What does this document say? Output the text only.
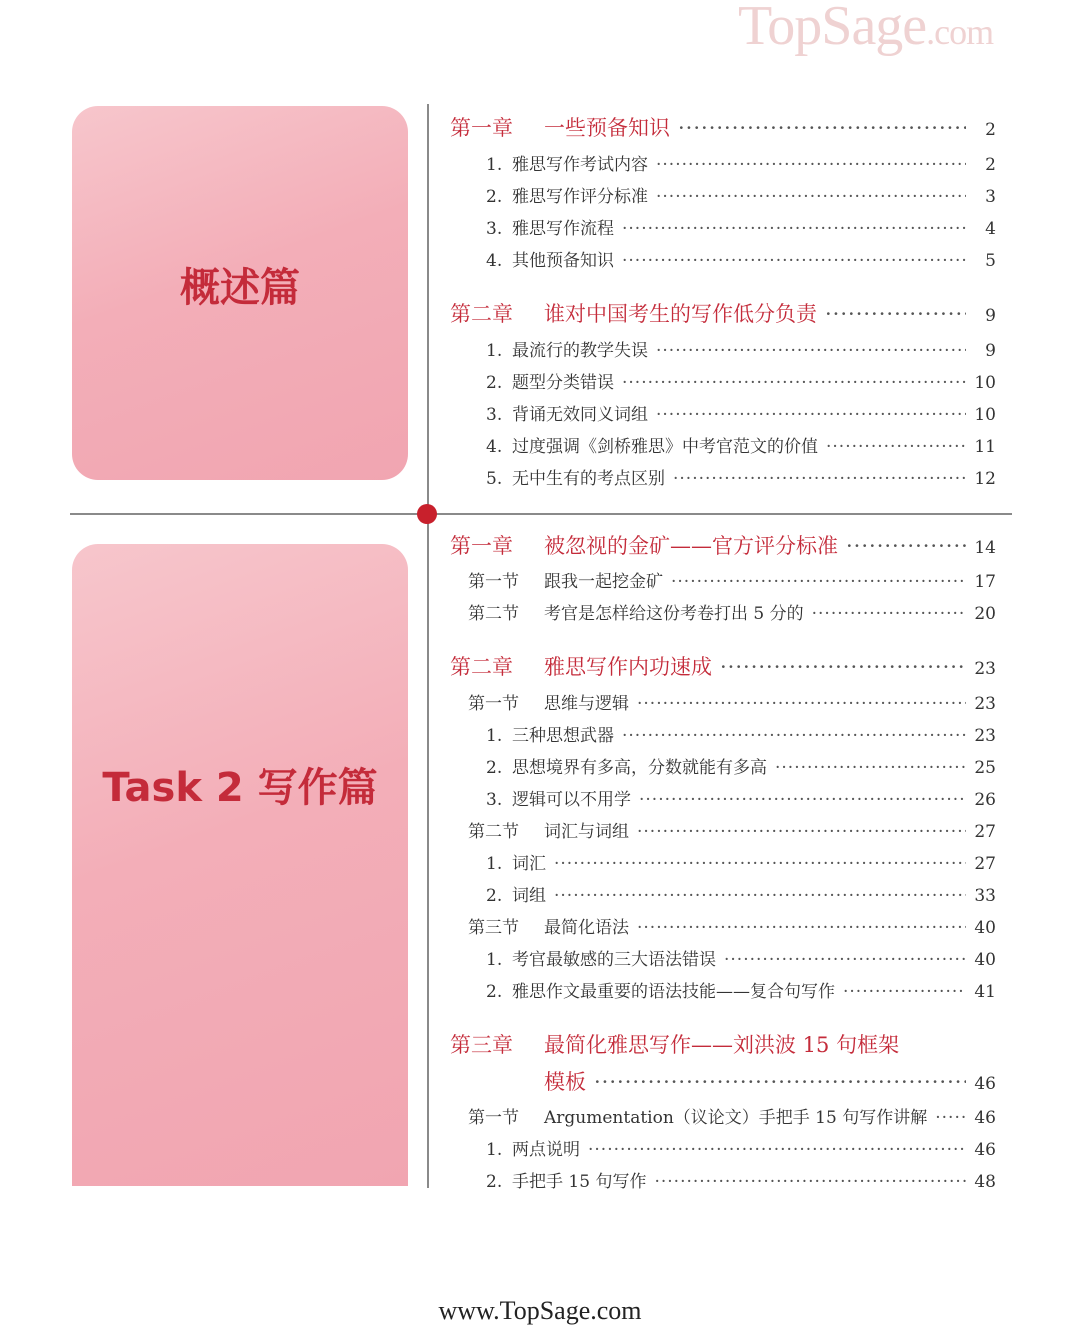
TopSage.com
概述篇
Task 2 写作篇
第一章 一些预备知识 ·····	2
1. 雅思写作考试内容 ·····	2
2. 雅思写作评分标准 ·····	3
3. 雅思写作流程 ·····	4
4. 其他预备知识 ·····	5
第二章 谁对中国考生的写作低分负责 ·····	9
1. 最流行的教学失误 ·····	9
2. 题型分类错误 ·····	10
3. 背诵无效同义词组 ·····	10
4. 过度强调《剑桥雅思》中考官范文的价值 ·····	11
5. 无中生有的考点区别 ·····	12
第一章 被忽视的金矿——官方评分标准 ·····	14
第一节 跟我一起挖金矿 ·····	17
第二节 考官是怎样给这份考卷打出 5 分的 ·····	20
第二章 雅思写作内功速成 ·····	23
第一节 思维与逻辑 ·····	23
1. 三种思想武器 ·····	23
2. 思想境界有多高，分数就能有多高 ·····	25
3. 逻辑可以不用学 ·····	26
第二节 词汇与词组 ·····	27
1. 词汇 ·····	27
2. 词组 ·····	33
第三节 最简化语法 ·····	40
1. 考官最敏感的三大语法错误 ·····	40
2. 雅思作文最重要的语法技能——复合句写作 ·····	41
第三章 最简化雅思写作——刘洪波 15 句框架
模板 ·····	46
第一节 Argumentation（议论文）手把手 15 句写作讲解 ·····	46
1. 两点说明 ·····	46
2. 手把手 15 句写作 ·····	48
www.TopSage.com
